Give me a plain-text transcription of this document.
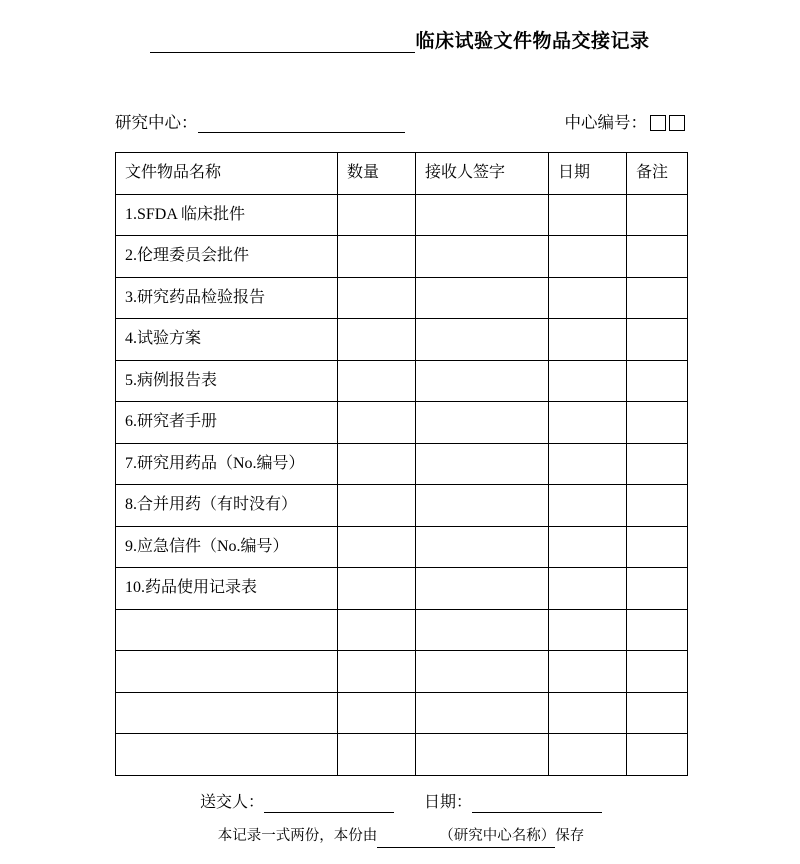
临床试验文件物品交接记录
研究中心：	中心编号：
文件物品名称	数量	接收人签字	日期	备注
1.SFDA 临床批件				
2.伦理委员会批件				
3.研究药品检验报告				
4.试验方案				
5.病例报告表				
6.研究者手册				
7.研究用药品（No.编号）				
8.合并用药（有时没有）				
9.应急信件（No.编号）				
10.药品使用记录表				

送交人：	日期：
本记录一式两份，本份由	（研究中心名称）保存
